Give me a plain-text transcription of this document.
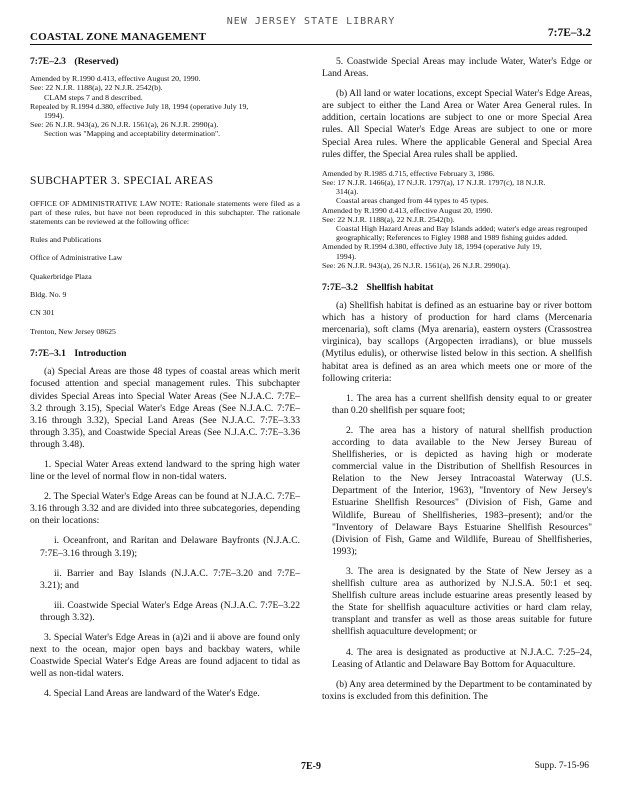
NEW JERSEY STATE LIBRARY
COASTAL ZONE MANAGEMENT	7:7E–3.2
7:7E–2.3 (Reserved)

Amended by R.1990 d.413, effective August 20, 1990.

See: 22 N.J.R. 1188(a), 22 N.J.R. 2542(b).

CLAM steps 7 and 8 described.

Repealed by R.1994 d.380, effective July 18, 1994 (operative July 19,

1994).

See: 26 N.J.R. 943(a), 26 N.J.R. 1561(a), 26 N.J.R. 2990(a).

Section was "Mapping and acceptability determination".

SUBCHAPTER 3. SPECIAL AREAS

OFFICE OF ADMINISTRATIVE LAW NOTE: Rationale statements were filed as a part of these rules, but have not been reproduced in this subchapter. The rationale statements can be reviewed at the following office:

Rules and Publications

Office of Administrative Law

Quakerbridge Plaza

Bldg. No. 9

CN 301

Trenton, New Jersey 08625

7:7E–3.1 Introduction

(a) Special Areas are those 48 types of coastal areas which merit focused attention and special management rules. This subchapter divides Special Areas into Special Water Areas (See N.J.A.C. 7:7E–3.2 through 3.15), Special Water's Edge Areas (See N.J.A.C. 7:7E–3.16 through 3.32), Special Land Areas (See N.J.A.C. 7:7E–3.33 through 3.35), and Coastwide Special Areas (See N.J.A.C. 7:7E–3.36 through 3.48).

1. Special Water Areas extend landward to the spring high water line or the level of normal flow in non-tidal waters.

2. The Special Water's Edge Areas can be found at N.J.A.C. 7:7E–3.16 through 3.32 and are divided into three subcategories, depending on their locations:

i. Oceanfront, and Raritan and Delaware Bayfronts (N.J.A.C. 7:7E–3.16 through 3.19);

ii. Barrier and Bay Islands (N.J.A.C. 7:7E–3.20 and 7:7E–3.21); and

iii. Coastwide Special Water's Edge Areas (N.J.A.C. 7:7E–3.22 through 3.32).

3. Special Water's Edge Areas in (a)2i and ii above are found only next to the ocean, major open bays and backbay waters, while Coastwide Special Water's Edge Areas are found adjacent to tidal as well as non-tidal waters.

4. Special Land Areas are landward of the Water's Edge.

5. Coastwide Special Areas may include Water, Water's Edge or Land Areas.

(b) All land or water locations, except Special Water's Edge Areas, are subject to either the Land Area or Water Area General rules. In addition, certain locations are subject to one or more Special Area rules. All Special Water's Edge Areas are subject to one or more Special Area rules. Where the applicable General and Special Area rules differ, the Special Area rules shall be applied.

Amended by R.1985 d.715, effective February 3, 1986.

See: 17 N.J.R. 1466(a), 17 N.J.R. 1797(a), 17 N.J.R. 1797(c), 18 N.J.R.

314(a).

Coastal areas changed from 44 types to 45 types.

Amended by R.1990 d.413, effective August 20, 1990.

See: 22 N.J.R. 1188(a), 22 N.J.R. 2542(b).

Coastal High Hazard Areas and Bay Islands added; water's edge areas regrouped geographically; References to Figley 1988 and 1989 fishing guides added.

Amended by R.1994 d.380, effective July 18, 1994 (operative July 19,

1994).

See: 26 N.J.R. 943(a), 26 N.J.R. 1561(a), 26 N.J.R. 2990(a).

7:7E–3.2 Shellfish habitat

(a) Shellfish habitat is defined as an estuarine bay or river bottom which has a history of production for hard clams (Mercenaria mercenaria), soft clams (Mya arenaria), eastern oysters (Crassostrea virginica), bay scallops (Argopecten irradians), or blue mussels (Mytilus edulis), or otherwise listed below in this section. A shellfish habitat area is defined as an area which meets one or more of the following criteria:

1. The area has a current shellfish density equal to or greater than 0.20 shellfish per square foot;

2. The area has a history of natural shellfish production according to data available to the New Jersey Bureau of Shellfisheries, or is depicted as having high or moderate commercial value in the Distribution of Shellfish Resources in Relation to the New Jersey Intracoastal Waterway (U.S. Department of the Interior, 1963), "Inventory of New Jersey's Estuarine Shellfish Resources" (Division of Fish, Game and Wildlife, Bureau of Shellfisheries, 1983–present); and/or the "Inventory of Delaware Bays Estuarine Shellfish Resources" (Division of Fish, Game and Wildlife, Bureau of Shellfisheries, 1993);

3. The area is designated by the State of New Jersey as a shellfish culture area as authorized by N.J.S.A. 50:1 et seq. Shellfish culture areas include estuarine areas presently leased by the State for shellfish aquaculture activities or hard clam relay, transplant and transfer as well as those areas suitable for future shellfish aquaculture development; or

4. The area is designated as productive at N.J.A.C. 7:25–24, Leasing of Atlantic and Delaware Bay Bottom for Aquaculture.

(b) Any area determined by the Department to be contaminated by toxins is excluded from this definition. The

7E-9	Supp. 7-15-96
